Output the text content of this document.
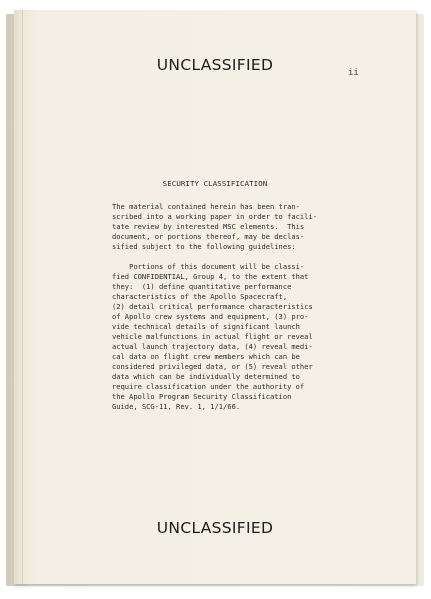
UNCLASSIFIED	ii
SECURITY CLASSIFICATION
The material contained herein has been tran-
scribed into a working paper in order to facili-
tate review by interested MSC elements.  This
document, or portions thereof, may be declas-
sified subject to the following guidelines:
Portions of this document will be classi-
fied CONFIDENTIAL, Group 4, to the extent that
they:  (1) define quantitative performance
characteristics of the Apollo Spacecraft,
(2) detail critical performance characteristics
of Apollo crew systems and equipment, (3) pro-
vide technical details of significant launch
vehicle malfunctions in actual flight or reveal
actual launch trajectory data, (4) reveal medi-
cal data on flight crew members which can be
considered privileged data, or (5) reveal other
data which can be individually determined to
require classification under the authority of
the Apollo Program Security Classification
Guide, SCG-11, Rev. 1, 1/1/66.
UNCLASSIFIED
